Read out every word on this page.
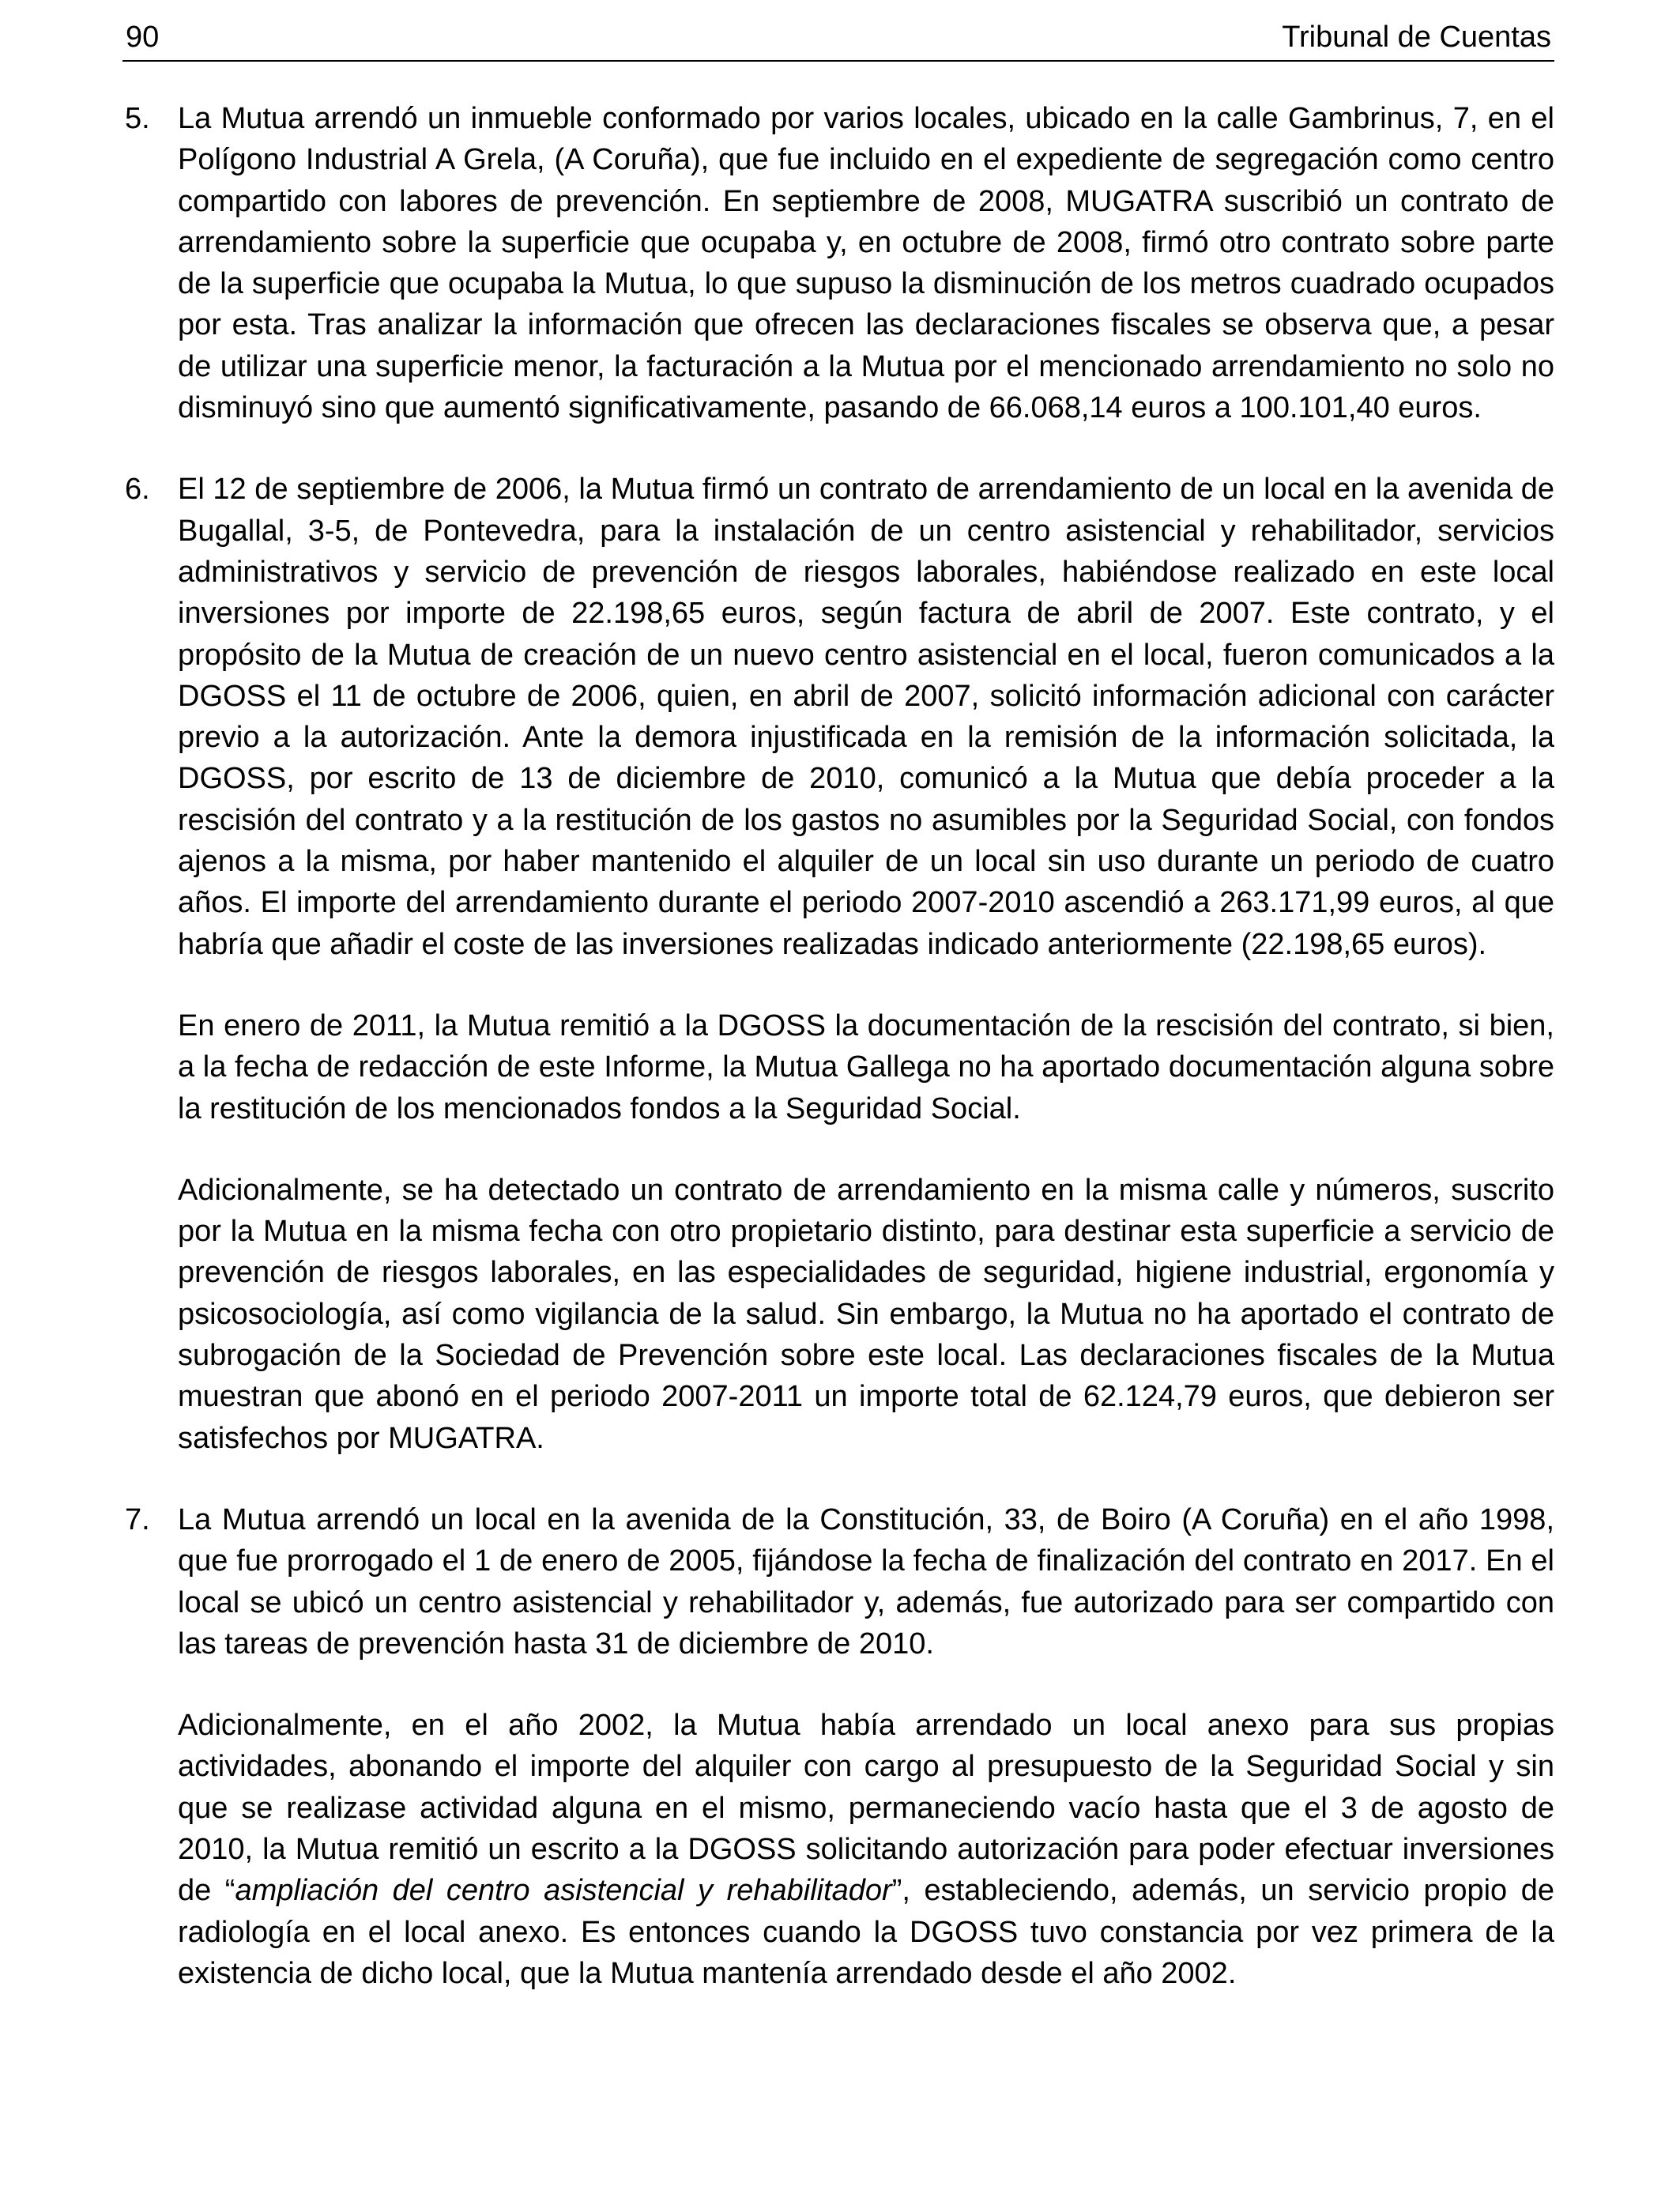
90	Tribunal de Cuentas
5. La Mutua arrendó un inmueble conformado por varios locales, ubicado en la calle Gambrinus, 7, en el Polígono Industrial A Grela, (A Coruña), que fue incluido en el expediente de segregación como centro compartido con labores de prevención. En septiembre de 2008, MUGATRA suscribió un contrato de arrendamiento sobre la superficie que ocupaba y, en octubre de 2008, firmó otro contrato sobre parte de la superficie que ocupaba la Mutua, lo que supuso la disminución de los metros cuadrado ocupados por esta. Tras analizar la información que ofrecen las declaraciones fiscales se observa que, a pesar de utilizar una superficie menor, la facturación a la Mutua por el mencionado arrendamiento no solo no disminuyó sino que aumentó significativamente, pasando de 66.068,14 euros a 100.101,40 euros.

6. El 12 de septiembre de 2006, la Mutua firmó un contrato de arrendamiento de un local en la avenida de Bugallal, 3-5, de Pontevedra, para la instalación de un centro asistencial y rehabilitador, servicios administrativos y servicio de prevención de riesgos laborales, habiéndose realizado en este local inversiones por importe de 22.198,65 euros, según factura de abril de 2007. Este contrato, y el propósito de la Mutua de creación de un nuevo centro asistencial en el local, fueron comunicados a la DGOSS el 11 de octubre de 2006, quien, en abril de 2007, solicitó información adicional con carácter previo a la autorización. Ante la demora injustificada en la remisión de la información solicitada, la DGOSS, por escrito de 13 de diciembre de 2010, comunicó a la Mutua que debía proceder a la rescisión del contrato y a la restitución de los gastos no asumibles por la Seguridad Social, con fondos ajenos a la misma, por haber mantenido el alquiler de un local sin uso durante un periodo de cuatro años. El importe del arrendamiento durante el periodo 2007-2010 ascendió a 263.171,99 euros, al que habría que añadir el coste de las inversiones realizadas indicado anteriormente (22.198,65 euros).

En enero de 2011, la Mutua remitió a la DGOSS la documentación de la rescisión del contrato, si bien, a la fecha de redacción de este Informe, la Mutua Gallega no ha aportado documentación alguna sobre la restitución de los mencionados fondos a la Seguridad Social.

Adicionalmente, se ha detectado un contrato de arrendamiento en la misma calle y números, suscrito por la Mutua en la misma fecha con otro propietario distinto, para destinar esta superficie a servicio de prevención de riesgos laborales, en las especialidades de seguridad, higiene industrial, ergonomía y psicosociología, así como vigilancia de la salud. Sin embargo, la Mutua no ha aportado el contrato de subrogación de la Sociedad de Prevención sobre este local. Las declaraciones fiscales de la Mutua muestran que abonó en el periodo 2007-2011 un importe total de 62.124,79 euros, que debieron ser satisfechos por MUGATRA.

7. La Mutua arrendó un local en la avenida de la Constitución, 33, de Boiro (A Coruña) en el año 1998, que fue prorrogado el 1 de enero de 2005, fijándose la fecha de finalización del contrato en 2017. En el local se ubicó un centro asistencial y rehabilitador y, además, fue autorizado para ser compartido con las tareas de prevención hasta 31 de diciembre de 2010.

Adicionalmente, en el año 2002, la Mutua había arrendado un local anexo para sus propias actividades, abonando el importe del alquiler con cargo al presupuesto de la Seguridad Social y sin que se realizase actividad alguna en el mismo, permaneciendo vacío hasta que el 3 de agosto de 2010, la Mutua remitió un escrito a la DGOSS solicitando autorización para poder efectuar inversiones de “ampliación del centro asistencial y rehabilitador”, estableciendo, además, un servicio propio de radiología en el local anexo. Es entonces cuando la DGOSS tuvo constancia por vez primera de la existencia de dicho local, que la Mutua mantenía arrendado desde el año 2002.
